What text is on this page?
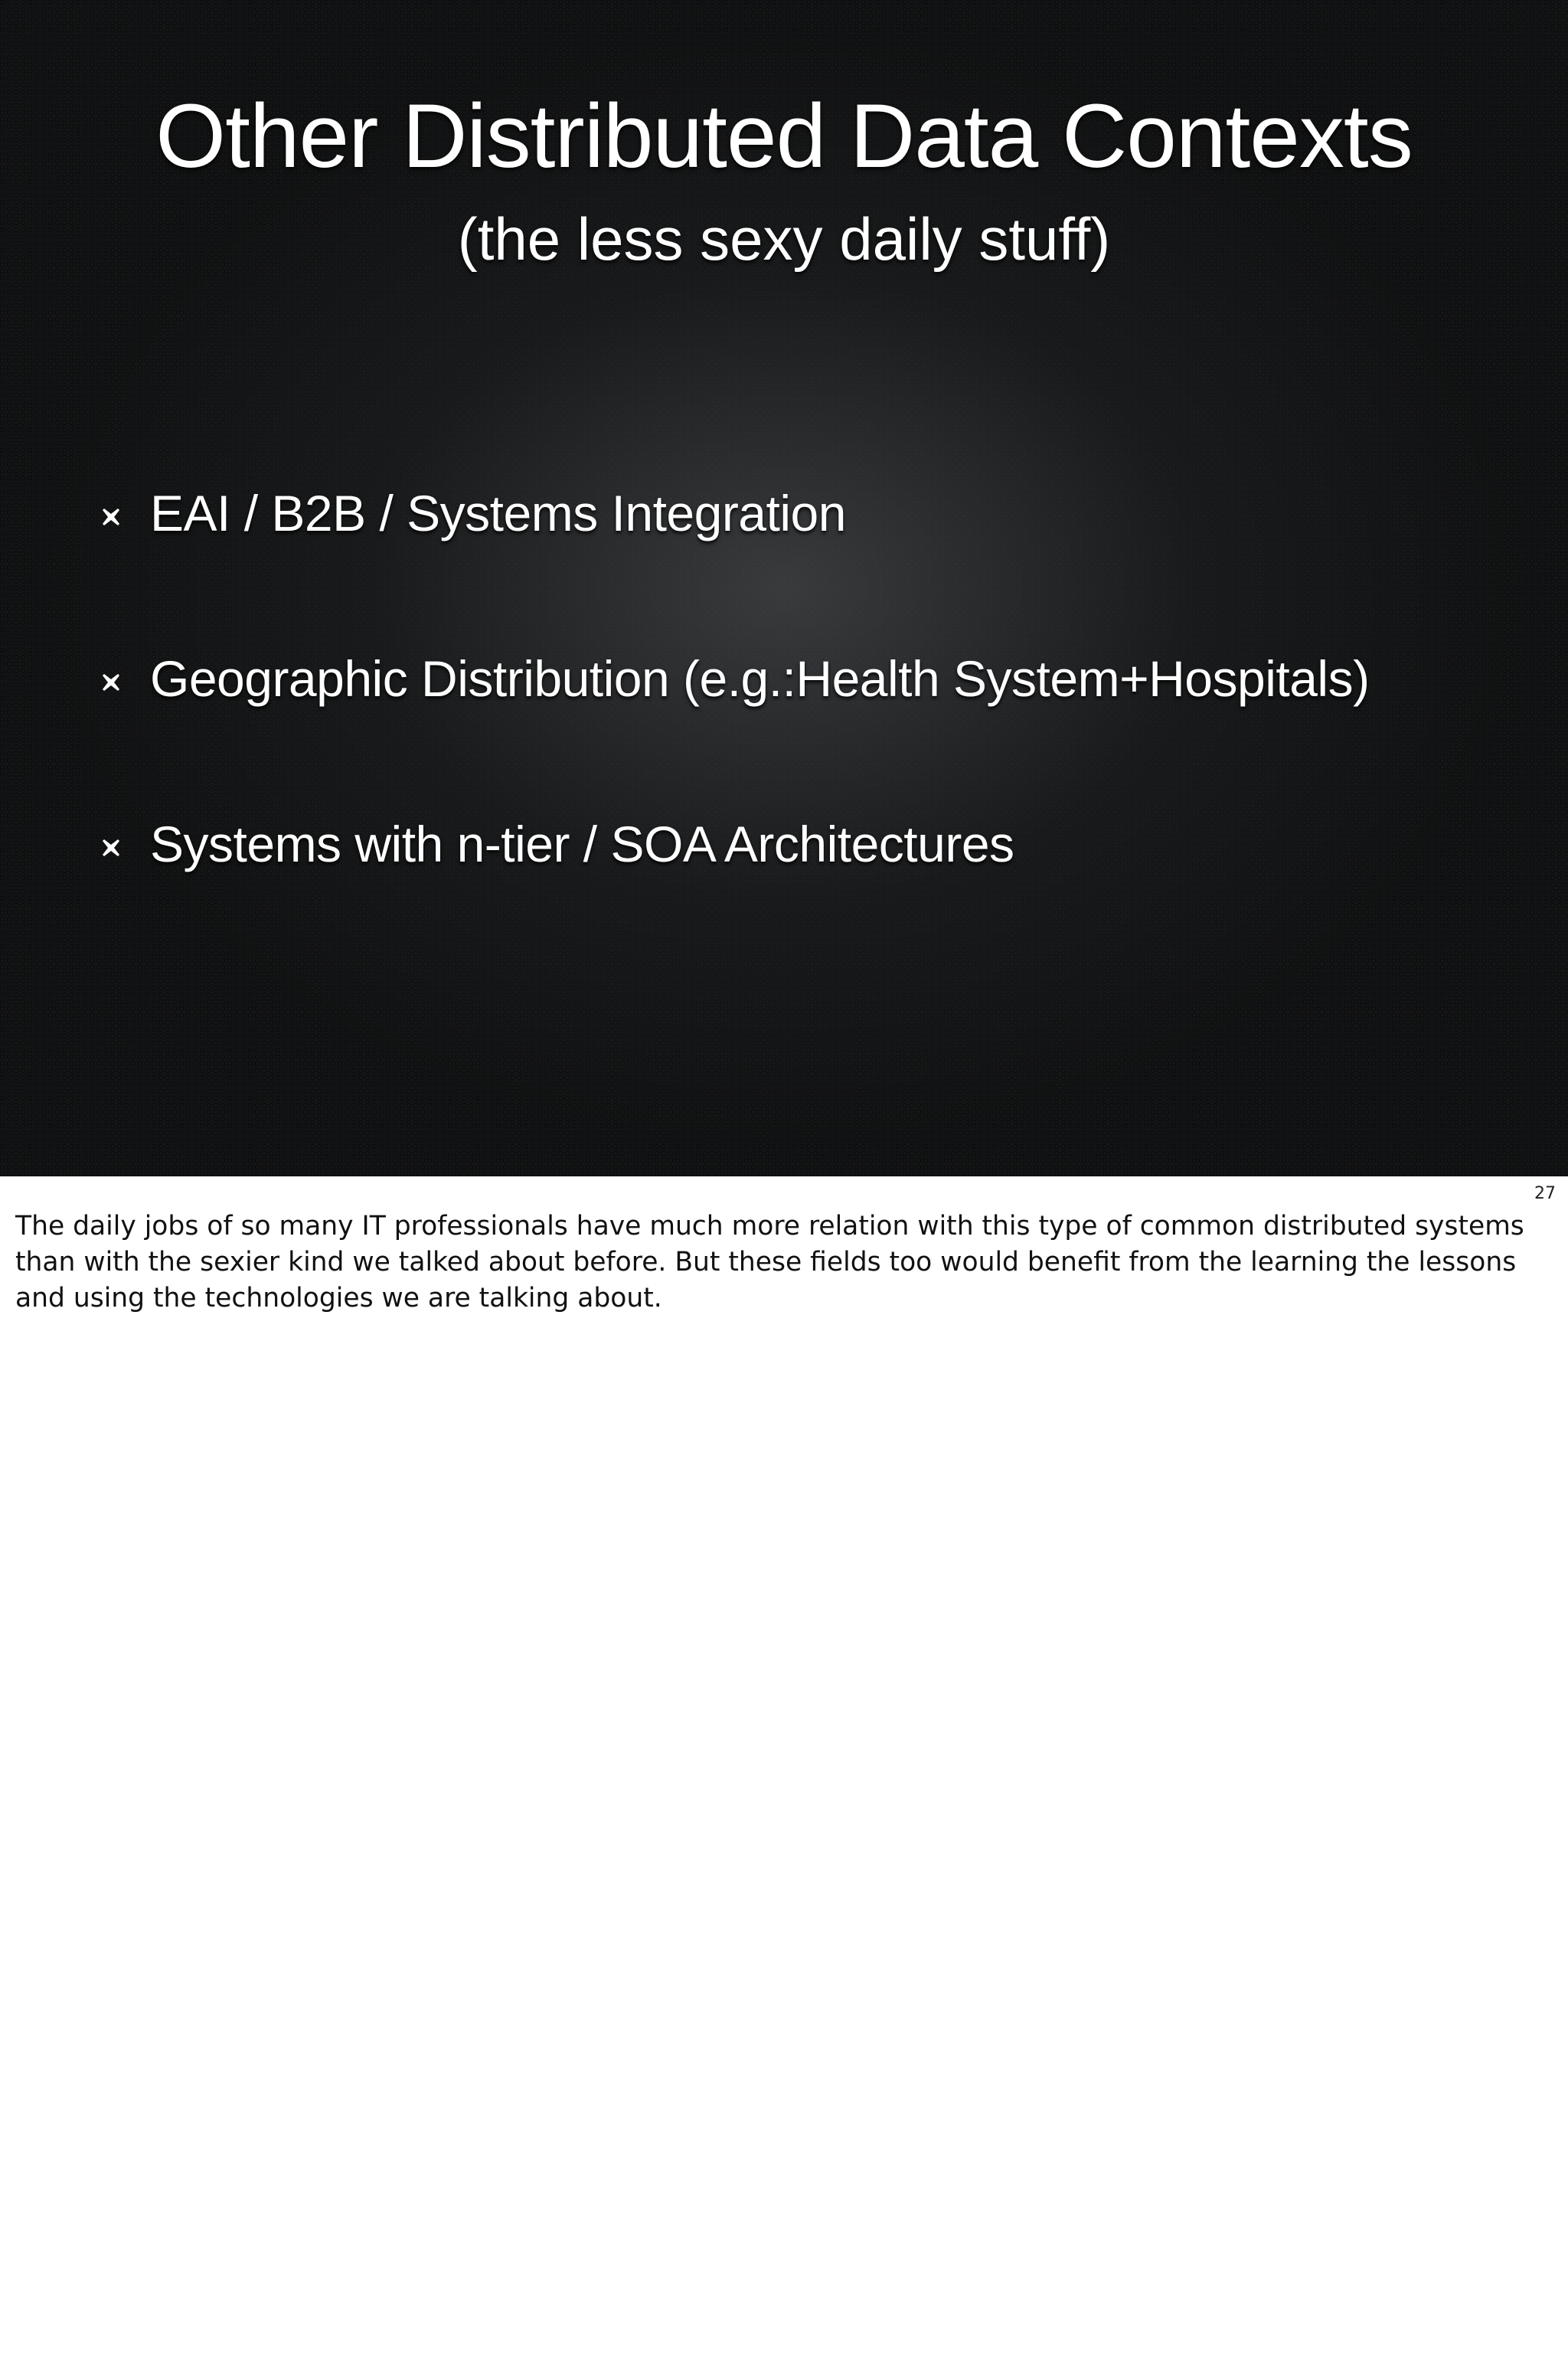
Other Distributed Data Contexts
(the less sexy daily stuff)
EAI / B2B / Systems Integration
Geographic Distribution (e.g.:Health System+Hospitals)
Systems with n-tier / SOA Architectures
27

The daily jobs of so many IT professionals have much more relation with this type of common distributed systems than with the sexier kind we talked about before. But these ﬁelds too would beneﬁt from the learning the lessons and using the technologies we are talking about.
